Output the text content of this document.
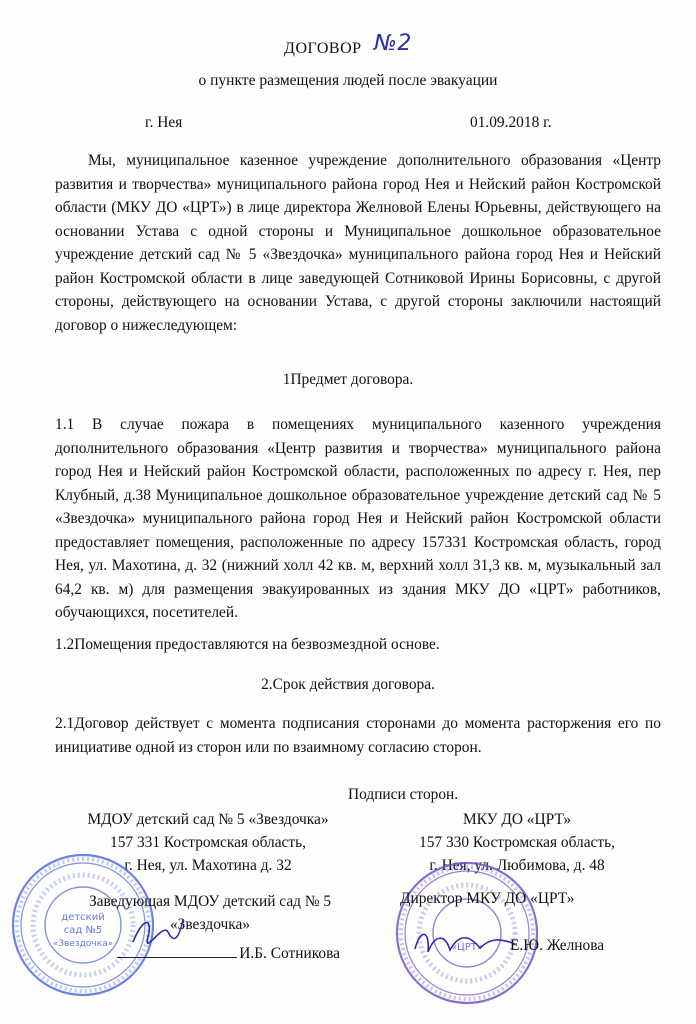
ДОГОВОР №2
о пункте размещения людей после эвакуации
г. Нея	01.09.2018 г.
Мы, муниципальное казенное учреждение дополнительного образования «Центр развития и творчества» муниципального района город Нея и Нейский район Костромской области (МКУ ДО «ЦРТ») в лице директора Желновой Елены Юрьевны, действующего на основании Устава с одной стороны и Муниципальное дошкольное образовательное учреждение детский сад № 5 «Звездочка» муниципального района город Нея и Нейский район Костромской области в лице заведующей Сотниковой Ирины Борисовны, с другой стороны, действующего на основании Устава, с другой стороны заключили настоящий договор о нижеследующем:
1Предмет договора.
1.1 В случае пожара в помещениях муниципального казенного учреждения дополнительного образования «Центр развития и творчества» муниципального района город Нея и Нейский район Костромской области, расположенных по адресу г. Нея, пер Клубный, д.38 Муниципальное дошкольное образовательное учреждение детский сад № 5 «Звездочка» муниципального района город Нея и Нейский район Костромской области предоставляет помещения, расположенные по адресу 157331 Костромская область, город Нея, ул. Махотина, д. 32 (нижний холл 42 кв. м, верхний холл 31,3 кв. м, музыкальный зал 64,2 кв. м) для размещения эвакуированных из здания МКУ ДО «ЦРТ» работников, обучающихся, посетителей.
1.2Помещения предоставляются на безвозмездной основе.
2.Срок действия договора.
2.1Договор действует с момента подписания сторонами до момента расторжения его по инициативе одной из сторон или по взаимному согласию сторон.
Подписи сторон.
МДОУ детский сад № 5 «Звездочка»
157 331 Костромская область,
г. Нея, ул. Махотина д. 32
МКУ ДО «ЦРТ»
157 330 Костромская область,
г. Нея, ул. Любимова, д. 48
детский
сад №5
«Звездочка»	«ЦРТ»
Заведующая МДОУ детский сад № 5
«Звездочка»
И.Б. Сотникова
Директор МКУ ДО «ЦРТ»
Е.Ю. Желнова
